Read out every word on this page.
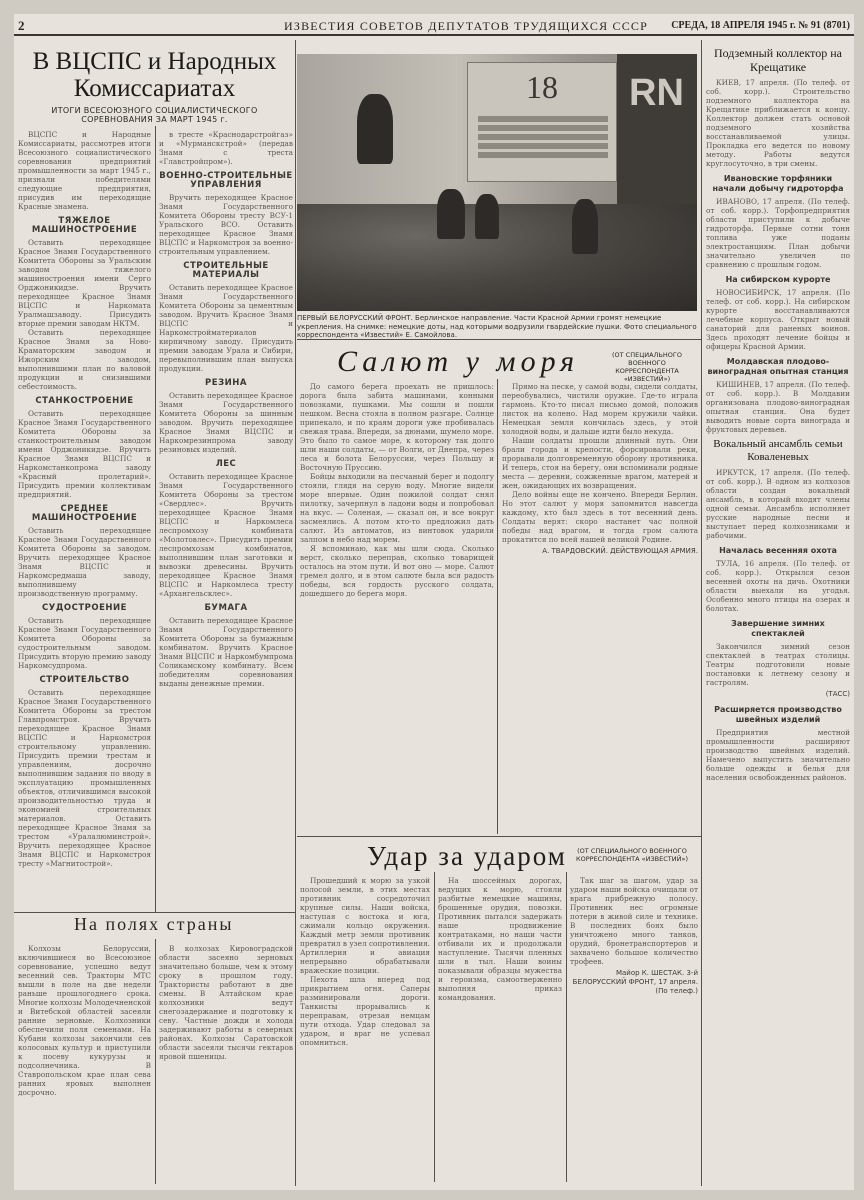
2	ИЗВЕСТИЯ СОВЕТОВ ДЕПУТАТОВ ТРУДЯЩИХСЯ СССР СРЕДА, 18 АПРЕЛЯ 1945 г. № 91 (8701)
В ВЦСПС и Народных Комиссариатах
ИТОГИ ВСЕСОЮЗНОГО СОЦИАЛИСТИЧЕСКОГО СОРЕВНОВАНИЯ ЗА МАРТ 1945 г.

ВЦСПС и Народные Комиссариаты, рассмотрев итоги Всесоюзного социалистического соревнования предприятий промышленности за март 1945 г., признали победителями следующие предприятия, присудив им переходящие Красные знамена.

ТЯЖЕЛОЕ МАШИНОСТРОЕНИЕ

Оставить переходящее Красное Знамя Государственного Комитета Обороны за Уральским заводом тяжелого машиностроения имени Серго Орджоникидзе. Вручить переходящее Красное Знамя ВЦСПС и Наркомата Уралмашзаводу. Присудить вторые премии заводам НКТМ.

Оставить переходящее Красное Знамя за Ново-Краматорским заводом и Ижорским заводом, выполнившими план по валовой продукции и снизившими себестоимость.

СТАНКОСТРОЕНИЕ

Оставить переходящее Красное Знамя Государственного Комитета Обороны за станкостроительным заводом имени Орджоникидзе. Вручить Красное Знамя ВЦСПС и Наркомстанкопрома заводу «Красный пролетарий». Присудить премии коллективам предприятий.

СРЕДНЕЕ МАШИНОСТРОЕНИЕ

Оставить переходящее Красное Знамя Государственного Комитета Обороны за заводом. Вручить переходящее Красное Знамя ВЦСПС и Наркомсредмаша заводу, выполнившему производственную программу.

СУДОСТРОЕНИЕ

Оставить переходящее Красное Знамя Государственного Комитета Обороны за судостроительным заводом. Присудить вторую премию заводу Наркомсудпрома.

СТРОИТЕЛЬСТВО

Оставить переходящее Красное Знамя Государственного Комитета Обороны за трестом Главпромстроя. Вручить переходящее Красное Знамя ВЦСПС и Наркомстроя строительному управлению. Присудить премии трестам и управлениям, досрочно выполнившим задания по вводу в эксплуатацию промышленных объектов, отличившимся высокой производительностью труда и экономией строительных материалов. Оставить переходящее Красное Знамя за трестом «Уралалюминстрой». Вручить переходящее Красное Знамя ВЦСПС и Наркомстроя тресту «Магнитострой».

в тресте «Краснодарстройгаз» и «Мурманскстрой» (передав Знамя с треста «Главстройпром»).

ВОЕННО-СТРОИТЕЛЬНЫЕ УПРАВЛЕНИЯ

Вручить переходящее Красное Знамя Государственного Комитета Обороны тресту ВСУ-1 Уральского ВСО. Оставить переходящее Красное Знамя ВЦСПС и Наркомстроя за военно-строительным управлением.

СТРОИТЕЛЬНЫЕ МАТЕРИАЛЫ

Оставить переходящее Красное Знамя Государственного Комитета Обороны за цементным заводом. Вручить Красное Знамя ВЦСПС и Наркомстройматериалов кирпичному заводу. Присудить премии заводам Урала и Сибири, перевыполнившим план выпуска продукции.

РЕЗИНА

Оставить переходящее Красное Знамя Государственного Комитета Обороны за шинным заводом. Вручить переходящее Красное Знамя ВЦСПС и Наркомрезинпрома заводу резиновых изделий.

ЛЕС

Оставить переходящее Красное Знамя Государственного Комитета Обороны за трестом «Свердлес». Вручить переходящее Красное Знамя ВЦСПС и Наркомлеса леспромхозу комбината «Молотовлес». Присудить премии леспромхозам комбинатов, выполнившим план заготовки и вывозки древесины. Вручить переходящее Красное Знамя ВЦСПС и Наркомлеса тресту «Архангельсклес».

БУМАГА

Оставить переходящее Красное Знамя Государственного Комитета Обороны за бумажным комбинатом. Вручить Красное Знамя ВЦСПС и Наркомбумпрома Соликамскому комбинату. Всем победителям соревнования выданы денежные премии.

На полях страны

Колхозы Белоруссии, включившиеся во Всесоюзное соревнование, успешно ведут весенний сев. Тракторы МТС вышли в поле на две недели раньше прошлогоднего срока. Многие колхозы Молодечненской и Витебской областей засеяли ранние зерновые. Колхозники обеспечили поля семенами. На Кубани колхозы закончили сев колосовых культур и приступили к посеву кукурузы и подсолнечника. В Ставропольском крае план сева ранних яровых выполнен досрочно.

В колхозах Кировоградской области засеяно зерновых значительно больше, чем к этому сроку в прошлом году. Трактористы работают в две смены. В Алтайском крае колхозники ведут снегозадержание и подготовку к севу. Частные дожди и холода задерживают работы в северных районах. Колхозы Саратовской области засеяли тысячи гектаров яровой пшеницы.

18 RN
ПЕРВЫЙ БЕЛОРУССКИЙ ФРОНТ. Берлинское направление. Части Красной Армии громят немецкие укрепления. На снимке: немецкие доты, над которыми водрузили гвардейские пушки. Фото специального корреспондента «Известий» Е. Самойлова.
Салют у моря	(ОТ СПЕЦИАЛЬНОГО ВОЕННОГО КОРРЕСПОНДЕНТА «ИЗВЕСТИЙ»)

До самого берега проехать не пришлось: дорога была забита машинами, конными повозками, пушками. Мы сошли и пошли пешком. Весна стояла в полном разгаре. Солнце припекало, и по краям дороги уже пробивалась свежая трава. Впереди, за дюнами, шумело море. Это было то самое море, к которому так долго шли наши солдаты, — от Волги, от Днепра, через леса и болота Белоруссии, через Польшу и Восточную Пруссию.

Бойцы выходили на песчаный берег и подолгу стояли, глядя на серую воду. Многие видели море впервые. Один пожилой солдат снял пилотку, зачерпнул в ладони воды и попробовал на вкус. — Соленая, — сказал он, и все вокруг засмеялись. А потом кто-то предложил дать салют. Из автоматов, из винтовок ударили залпом в небо над морем.

Я вспоминаю, как мы шли сюда. Сколько верст, сколько переправ, сколько товарищей осталось на этом пути. И вот оно — море. Салют гремел долго, и в этом салюте была вся радость победы, вся гордость русского солдата, дошедшего до берега моря.

Прямо на песке, у самой воды, сидели солдаты, переобувались, чистили оружие. Где-то играла гармонь. Кто-то писал письмо домой, положив листок на колено. Над морем кружили чайки. Немецкая земля кончилась здесь, у этой холодной воды, и дальше идти было некуда.

Наши солдаты прошли длинный путь. Они брали города и крепости, форсировали реки, прорывали долговременную оборону противника. И теперь, стоя на берегу, они вспоминали родные места — деревни, сожженные врагом, матерей и жен, ожидающих их возвращения.

Дело войны еще не кончено. Впереди Берлин. Но этот салют у моря запомнится навсегда каждому, кто был здесь в тот весенний день. Солдаты верят: скоро настанет час полной победы над врагом, и тогда гром салюта прокатится по всей нашей великой Родине.

А. ТВАРДОВСКИЙ. ДЕЙСТВУЮЩАЯ АРМИЯ.
Удар за ударом	(ОТ СПЕЦИАЛЬНОГО ВОЕННОГО КОРРЕСПОНДЕНТА «ИЗВЕСТИЙ»)

Прошедший к морю за узкой полосой земли, в этих местах противник сосредоточил крупные силы. Наши войска, наступая с востока и юга, сжимали кольцо окружения. Каждый метр земли противник превратил в узел сопротивления. Артиллерия и авиация непрерывно обрабатывали вражеские позиции.

Пехота шла вперед под прикрытием огня. Саперы разминировали дороги. Танкисты прорывались к переправам, отрезая немцам пути отхода. Удар следовал за ударом, и враг не успевал опомниться.

На шоссейных дорогах, ведущих к морю, стояли разбитые немецкие машины, брошенные орудия, повозки. Противник пытался задержать наше продвижение контратаками, но наши части отбивали их и продолжали наступление. Тысячи пленных шли в тыл. Наши воины показывали образцы мужества и героизма, самоотверженно выполняя приказ командования.

Так шаг за шагом, удар за ударом наши войска очищали от врага прибрежную полосу. Противник нес огромные потери в живой силе и технике. В последних боях было уничтожено много танков, орудий, бронетранспортеров и захвачено большое количество трофеев.

Майор К. ШЕСТАК. 3-й БЕЛОРУССКИЙ ФРОНТ, 17 апреля. (По телеф.)
Подземный коллектор на Крещатике

КИЕВ, 17 апреля. (По телеф. от соб. корр.). Строительство подземного коллектора на Крещатике приближается к концу. Коллектор должен стать основой подземного хозяйства восстанавливаемой улицы. Прокладка его ведется по новому методу. Работы ведутся круглосуточно, в три смены.

Ивановские торфяники начали добычу гидроторфа

ИВАНОВО, 17 апреля. (По телеф. от соб. корр.). Торфопредприятия области приступили к добыче гидроторфа. Первые сотни тонн топлива уже поданы электростанциям. План добычи значительно увеличен по сравнению с прошлым годом.

На сибирском курорте

НОВОСИБИРСК, 17 апреля. (По телеф. от соб. корр.). На сибирском курорте восстанавливаются лечебные корпуса. Открыт новый санаторий для раненых воинов. Здесь проходят лечение бойцы и офицеры Красной Армии.

Молдавская плодово-виноградная опытная станция

КИШИНЕВ, 17 апреля. (По телеф. от соб. корр.). В Молдавии организована плодово-виноградная опытная станция. Она будет выводить новые сорта винограда и фруктовых деревьев.

Вокальный ансамбль семьи Коваленевых

ИРКУТСК, 17 апреля. (По телеф. от соб. корр.). В одном из колхозов области создан вокальный ансамбль, в который входят члены одной семьи. Ансамбль исполняет русские народные песни и выступает перед колхозниками и рабочими.

Началась весенняя охота

ТУЛА, 16 апреля. (По телеф. от соб. корр.). Открылся сезон весенней охоты на дичь. Охотники области выехали на угодья. Особенно много птицы на озерах и болотах.

Завершение зимних спектаклей

Закончился зимний сезон спектаклей в театрах столицы. Театры подготовили новые постановки к летнему сезону и гастролям.

(ТАСС)
Расширяется производство швейных изделий

Предприятия местной промышленности расширяют производство швейных изделий. Намечено выпустить значительно больше одежды и белья для населения освобожденных районов.
